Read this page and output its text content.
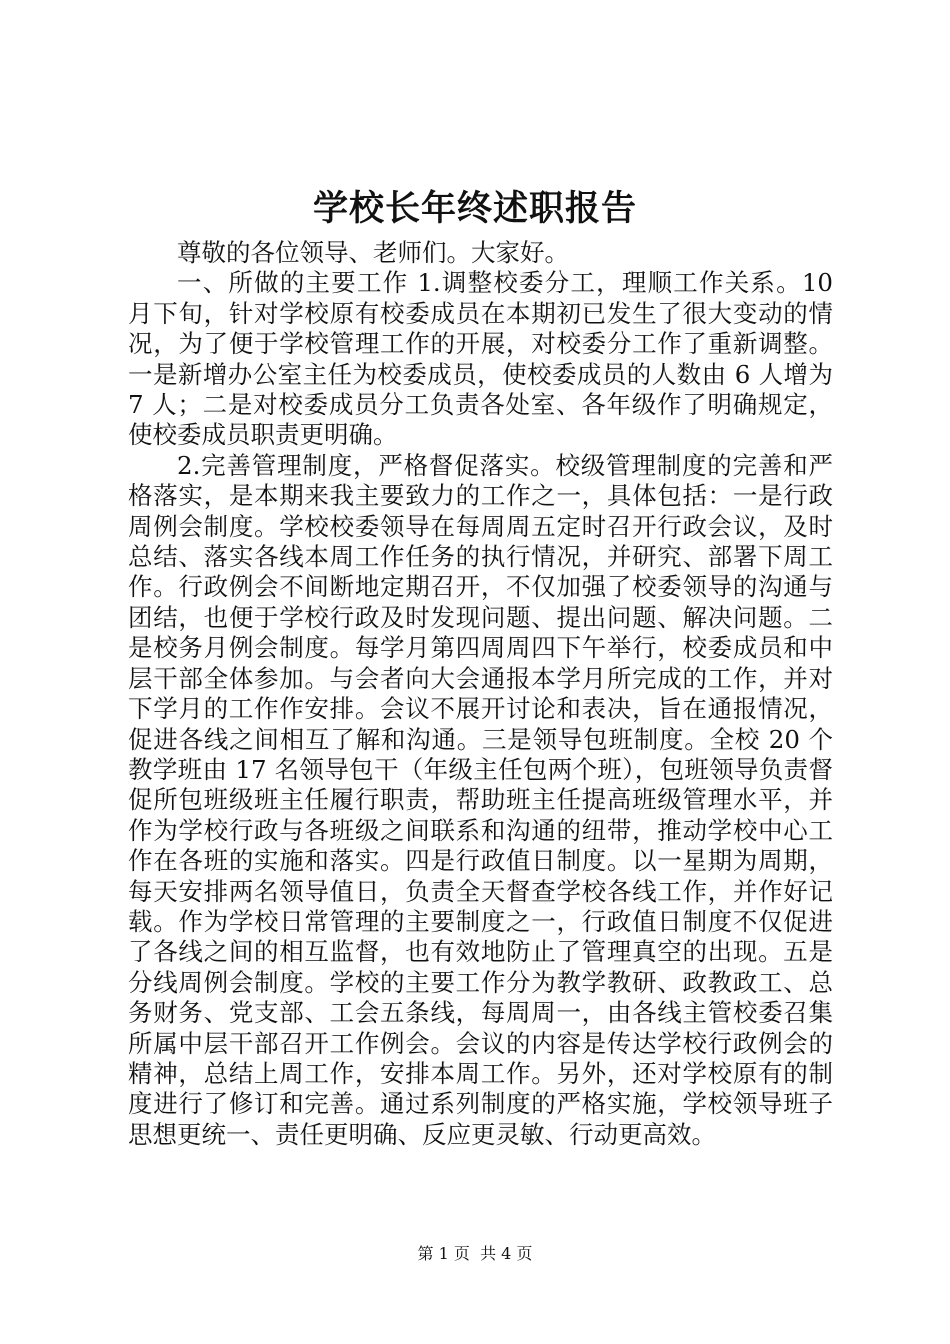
学校长年终述职报告

尊敬的各位领导、老师们。大家好。

一、所做的主要工作 1.调整校委分工，理顺工作关系。10 月下旬，针对学校原有校委成员在本期初已发生了很大变动的情况，为了便于学校管理工作的开展，对校委分工作了重新调整。一是新增办公室主任为校委成员，使校委成员的人数由 6 人增为 7 人；二是对校委成员分工负责各处室、各年级作了明确规定，使校委成员职责更明确。

2.完善管理制度，严格督促落实。校级管理制度的完善和严格落实，是本期来我主要致力的工作之一，具体包括：一是行政周例会制度。学校校委领导在每周周五定时召开行政会议，及时总结、落实各线本周工作任务的执行情况，并研究、部署下周工作。行政例会不间断地定期召开，不仅加强了校委领导的沟通与团结，也便于学校行政及时发现问题、提出问题、解决问题。二是校务月例会制度。每学月第四周周四下午举行，校委成员和中层干部全体参加。与会者向大会通报本学月所完成的工作，并对下学月的工作作安排。会议不展开讨论和表决，旨在通报情况，促进各线之间相互了解和沟通。三是领导包班制度。全校 20 个教学班由 17 名领导包干（年级主任包两个班），包班领导负责督促所包班级班主任履行职责，帮助班主任提高班级管理水平，并作为学校行政与各班级之间联系和沟通的纽带，推动学校中心工作在各班的实施和落实。四是行政值日制度。以一星期为周期，每天安排两名领导值日，负责全天督查学校各线工作，并作好记载。作为学校日常管理的主要制度之一，行政值日制度不仅促进了各线之间的相互监督，也有效地防止了管理真空的出现。五是分线周例会制度。学校的主要工作分为教学教研、政教政工、总务财务、党支部、工会五条线，每周周一，由各线主管校委召集所属中层干部召开工作例会。会议的内容是传达学校行政例会的精神，总结上周工作，安排本周工作。另外，还对学校原有的制度进行了修订和完善。通过系列制度的严格实施，学校领导班子思想更统一、责任更明确、反应更灵敏、行动更高效。

第 1 页  共 4 页
